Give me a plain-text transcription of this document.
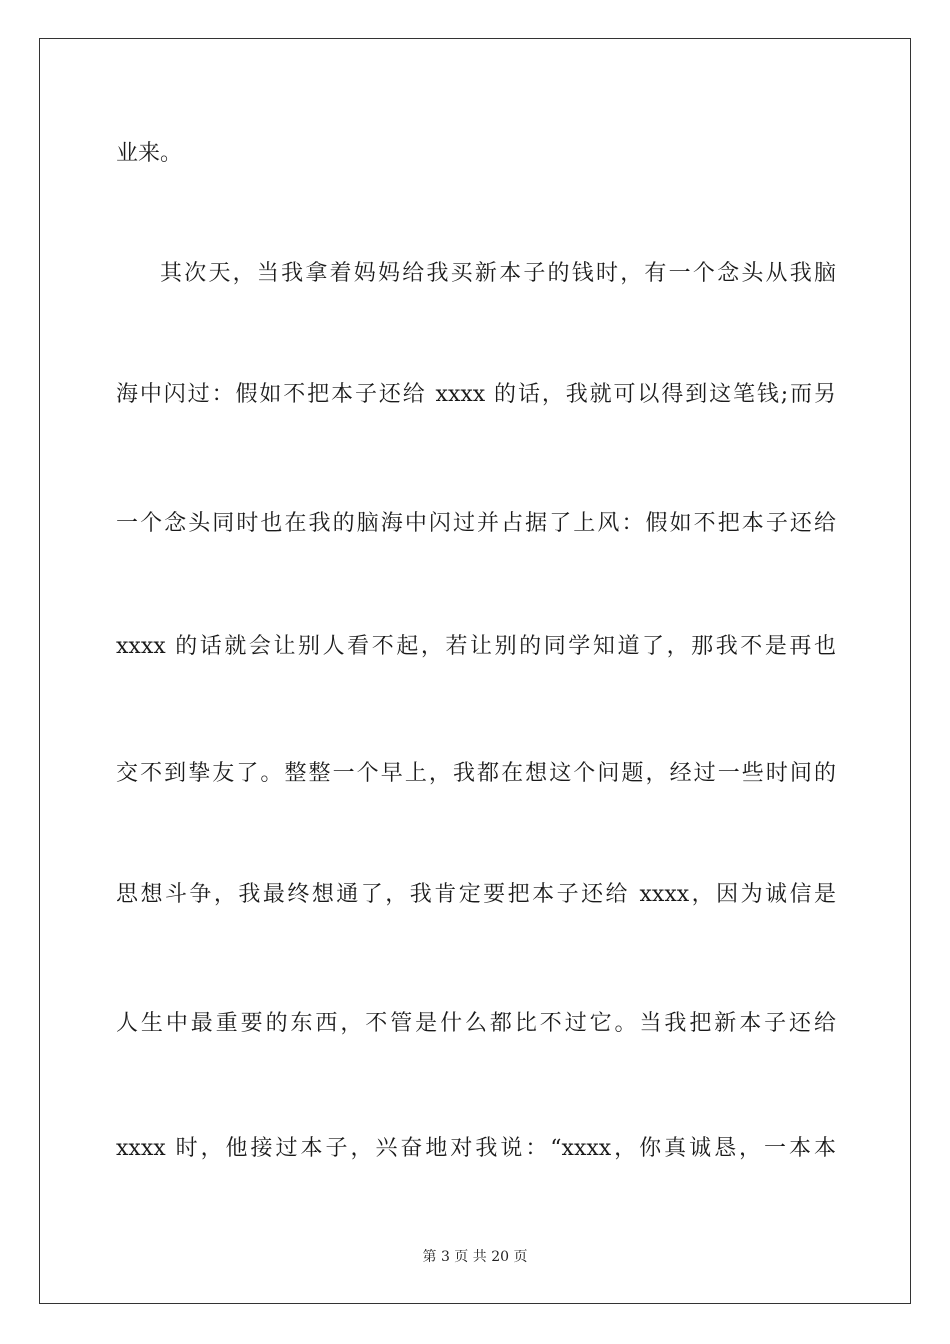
业来。
其次天，当我拿着妈妈给我买新本子的钱时，有一个念头从我脑
海中闪过：假如不把本子还给 xxxx 的话，我就可以得到这笔钱;而另
一个念头同时也在我的脑海中闪过并占据了上风：假如不把本子还给
xxxx 的话就会让别人看不起，若让别的同学知道了，那我不是再也
交不到挚友了。整整一个早上，我都在想这个问题，经过一些时间的
思想斗争，我最终想通了，我肯定要把本子还给 xxxx，因为诚信是
人生中最重要的东西，不管是什么都比不过它。当我把新本子还给
xxxx 时，他接过本子，兴奋地对我说：“xxxx，你真诚恳，一本本
第 3 页 共 20 页
